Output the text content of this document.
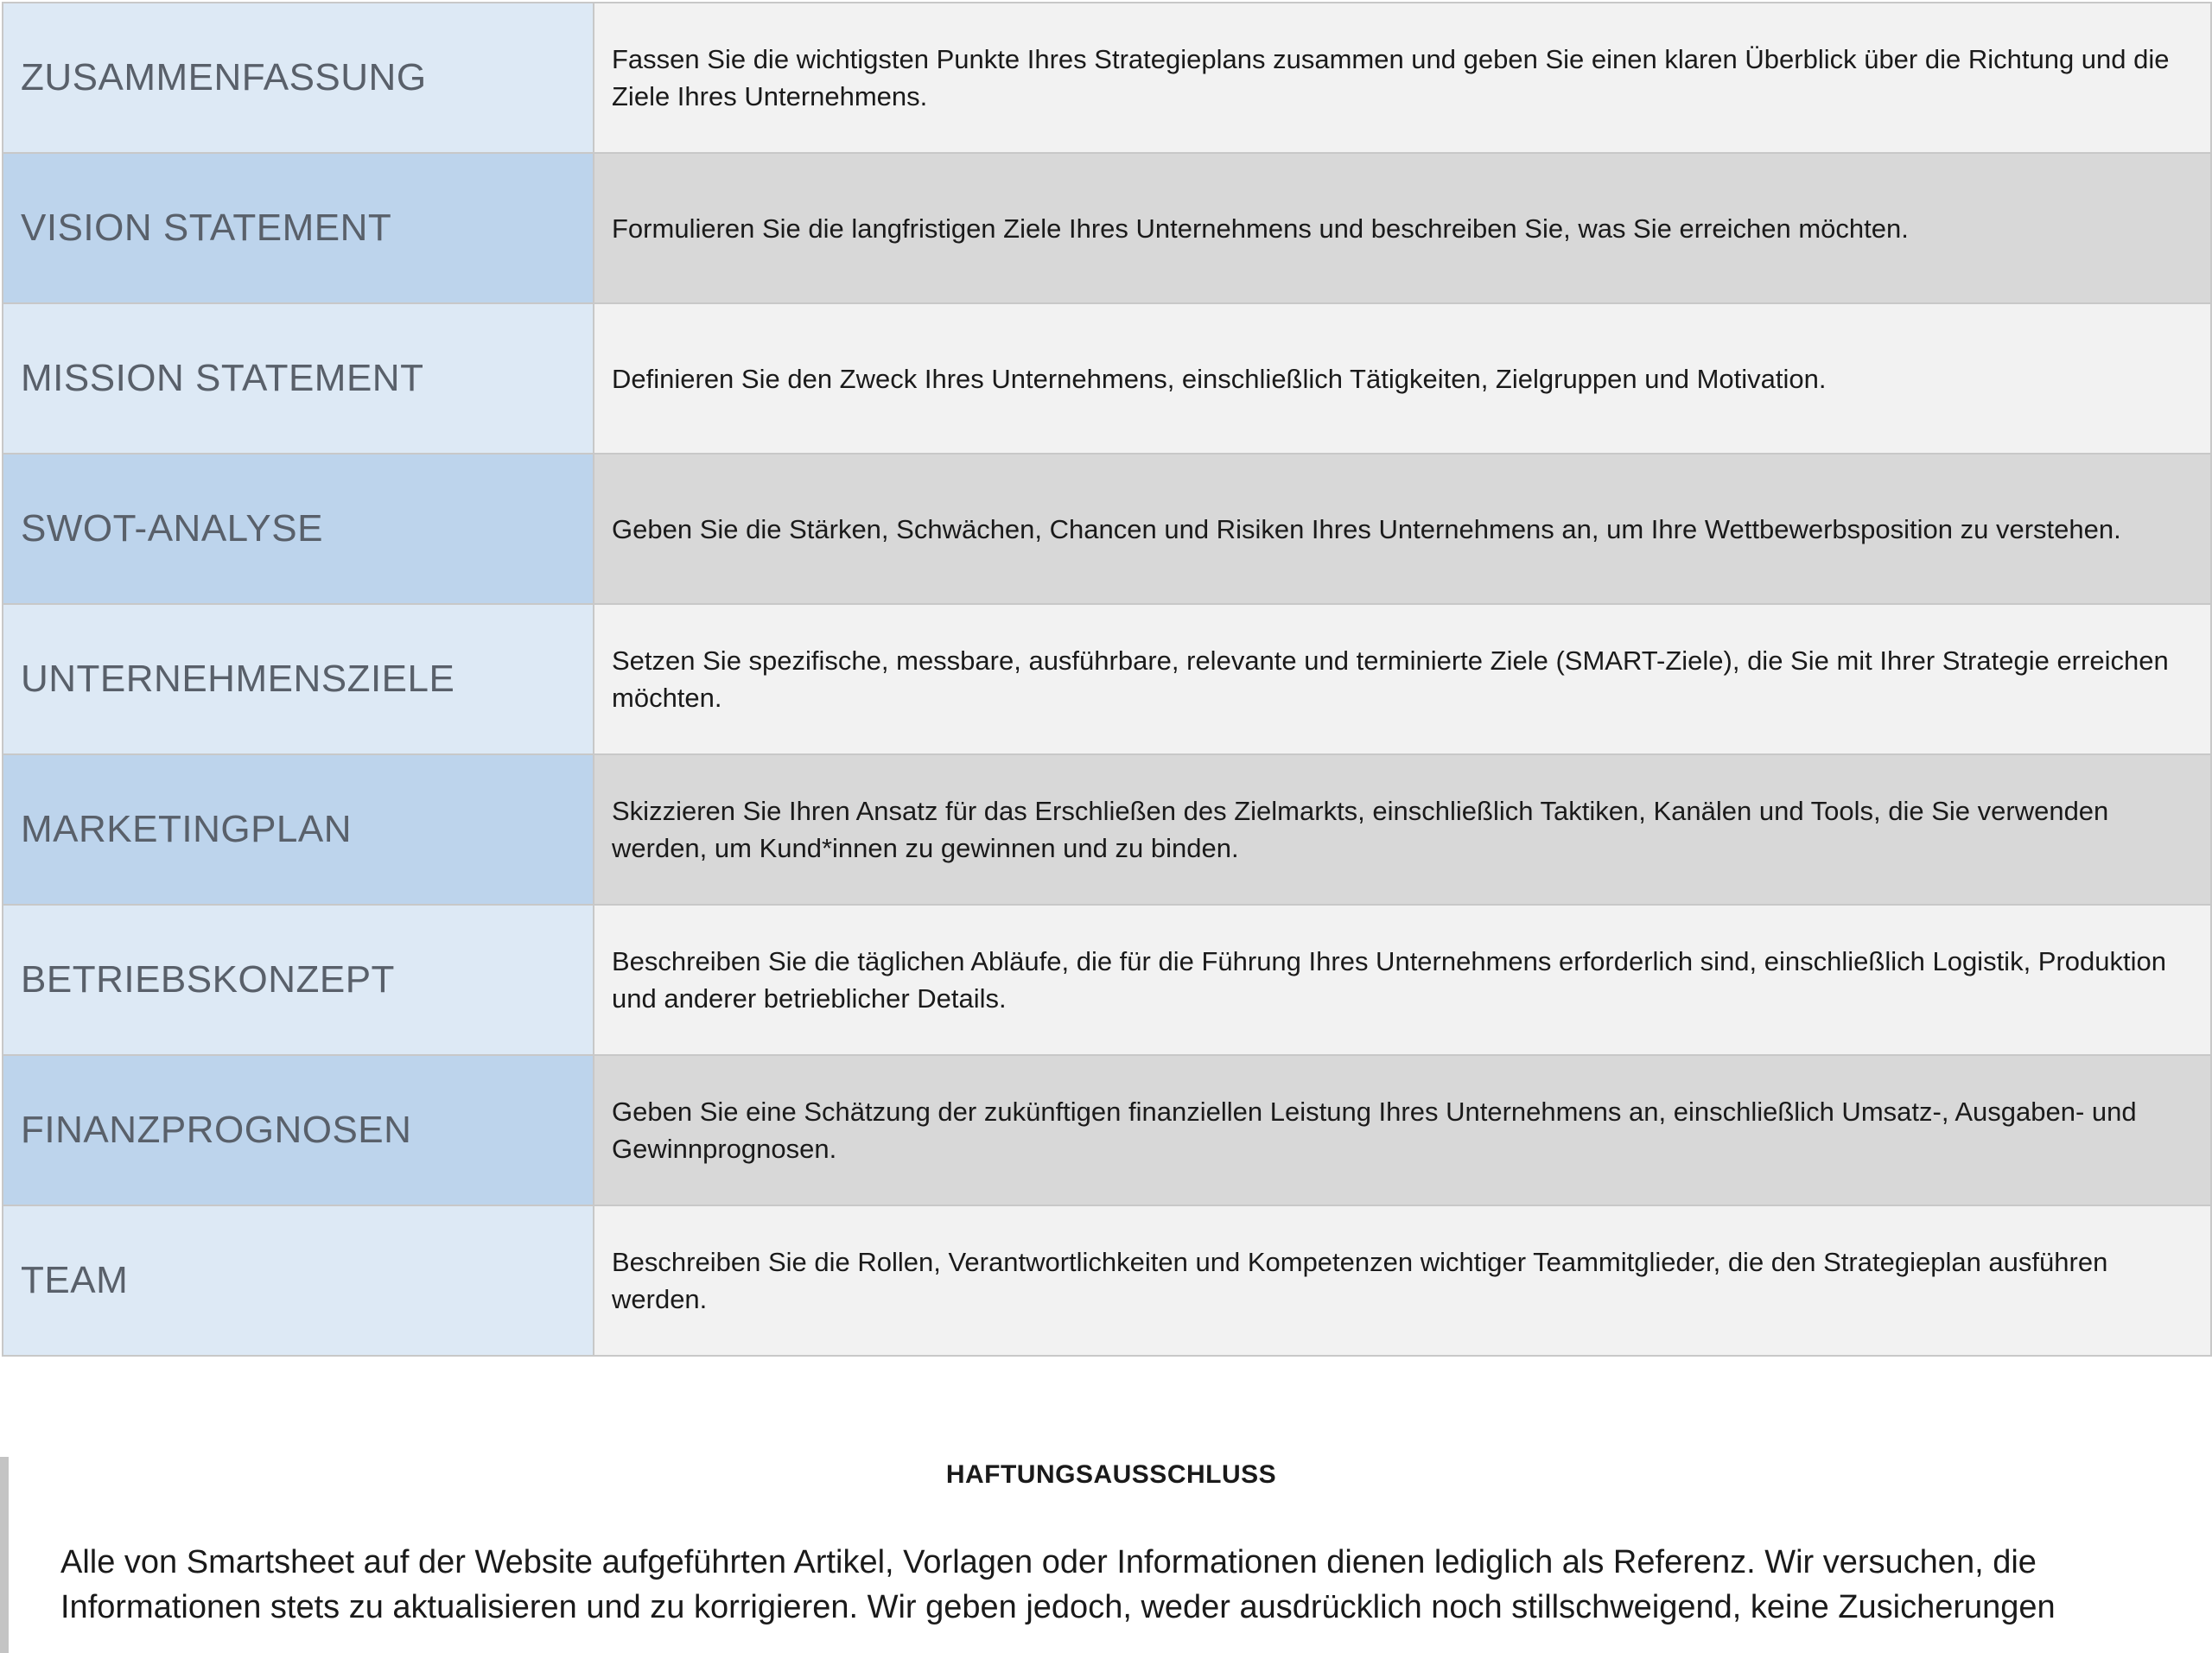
ZUSAMMENFASSUNG	Fassen Sie die wichtigsten Punkte Ihres Strategieplans zusammen und geben Sie einen klaren Überblick über die Richtung und die Ziele Ihres Unternehmens.
VISION STATEMENT	Formulieren Sie die langfristigen Ziele Ihres Unternehmens und beschreiben Sie, was Sie erreichen möchten.
MISSION STATEMENT	Definieren Sie den Zweck Ihres Unternehmens, einschließlich Tätigkeiten, Zielgruppen und Motivation.
SWOT-ANALYSE	Geben Sie die Stärken, Schwächen, Chancen und Risiken Ihres Unternehmens an, um Ihre Wettbewerbsposition zu verstehen.
UNTERNEHMENSZIELE	Setzen Sie spezifische, messbare, ausführbare, relevante und terminierte Ziele (SMART-Ziele), die Sie mit Ihrer Strategie erreichen möchten.
MARKETINGPLAN	Skizzieren Sie Ihren Ansatz für das Erschließen des Zielmarkts, einschließlich Taktiken, Kanälen und Tools, die Sie verwenden werden, um Kund*innen zu gewinnen und zu binden.
BETRIEBSKONZEPT	Beschreiben Sie die täglichen Abläufe, die für die Führung Ihres Unternehmens erforderlich sind, einschließlich Logistik, Produktion und anderer betrieblicher Details.
FINANZPROGNOSEN	Geben Sie eine Schätzung der zukünftigen finanziellen Leistung Ihres Unternehmens an, einschließlich Umsatz-, Ausgaben- und Gewinnprognosen.
TEAM	Beschreiben Sie die Rollen, Verantwortlichkeiten und Kompetenzen wichtiger Teammitglieder, die den Strategieplan ausführen werden.
HAFTUNGSAUSSCHLUSS
Alle von Smartsheet auf der Website aufgeführten Artikel, Vorlagen oder Informationen dienen lediglich als Referenz. Wir versuchen, die Informationen stets zu aktualisieren und zu korrigieren. Wir geben jedoch, weder ausdrücklich noch stillschweigend, keine Zusicherungen
